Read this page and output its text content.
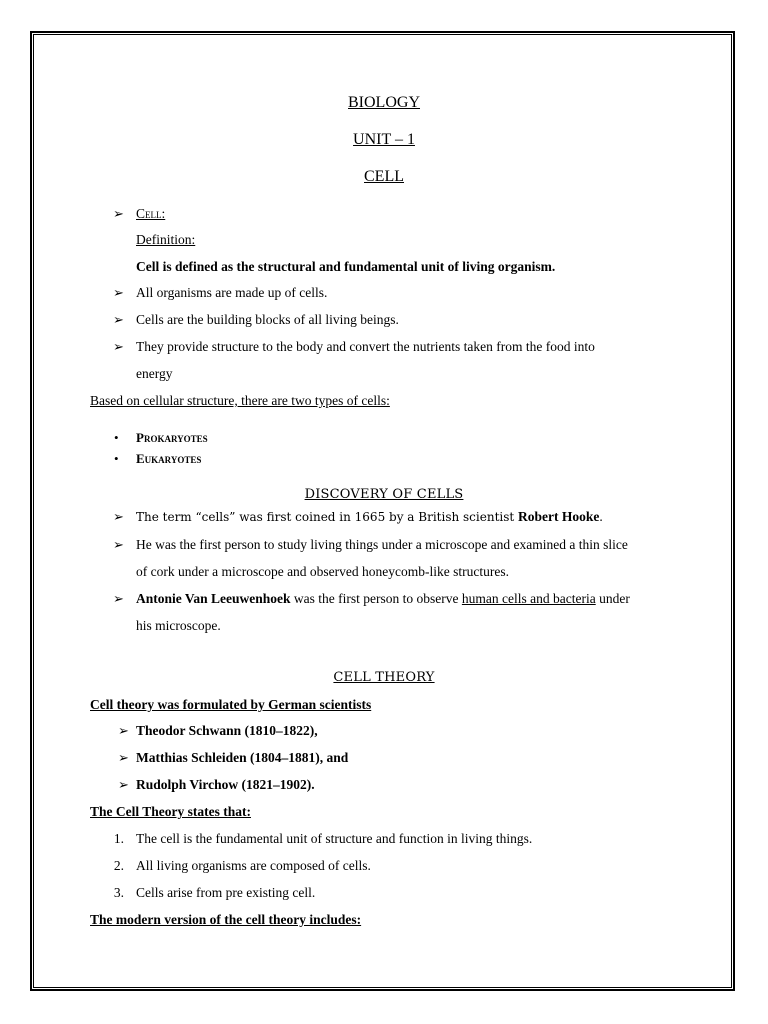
BIOLOGY
UNIT – 1
CELL
➢ Cell:
Definition:
Cell is defined as the structural and fundamental unit of living organism.
➢ All organisms are made up of cells.
➢ Cells are the building blocks of all living beings.
➢ They provide structure to the body and convert the nutrients taken from the food into
energy
Based on cellular structure, there are two types of cells:
• Prokaryotes
• Eukaryotes
DISCOVERY OF CELLS
➢ The term “cells” was first coined in 1665 by a British scientist Robert Hooke.
➢ He was the first person to study living things under a microscope and examined a thin slice
of cork under a microscope and observed honeycomb-like structures.
➢ Antonie Van Leeuwenhoek was the first person to observe human cells and bacteria under
his microscope.
CELL THEORY
Cell theory was formulated by German scientists
➢ Theodor Schwann (1810–1822),
➢ Matthias Schleiden (1804–1881), and
➢ Rudolph Virchow (1821–1902).
The Cell Theory states that:
1. The cell is the fundamental unit of structure and function in living things.
2. All living organisms are composed of cells.
3. Cells arise from pre existing cell.
The modern version of the cell theory includes:
